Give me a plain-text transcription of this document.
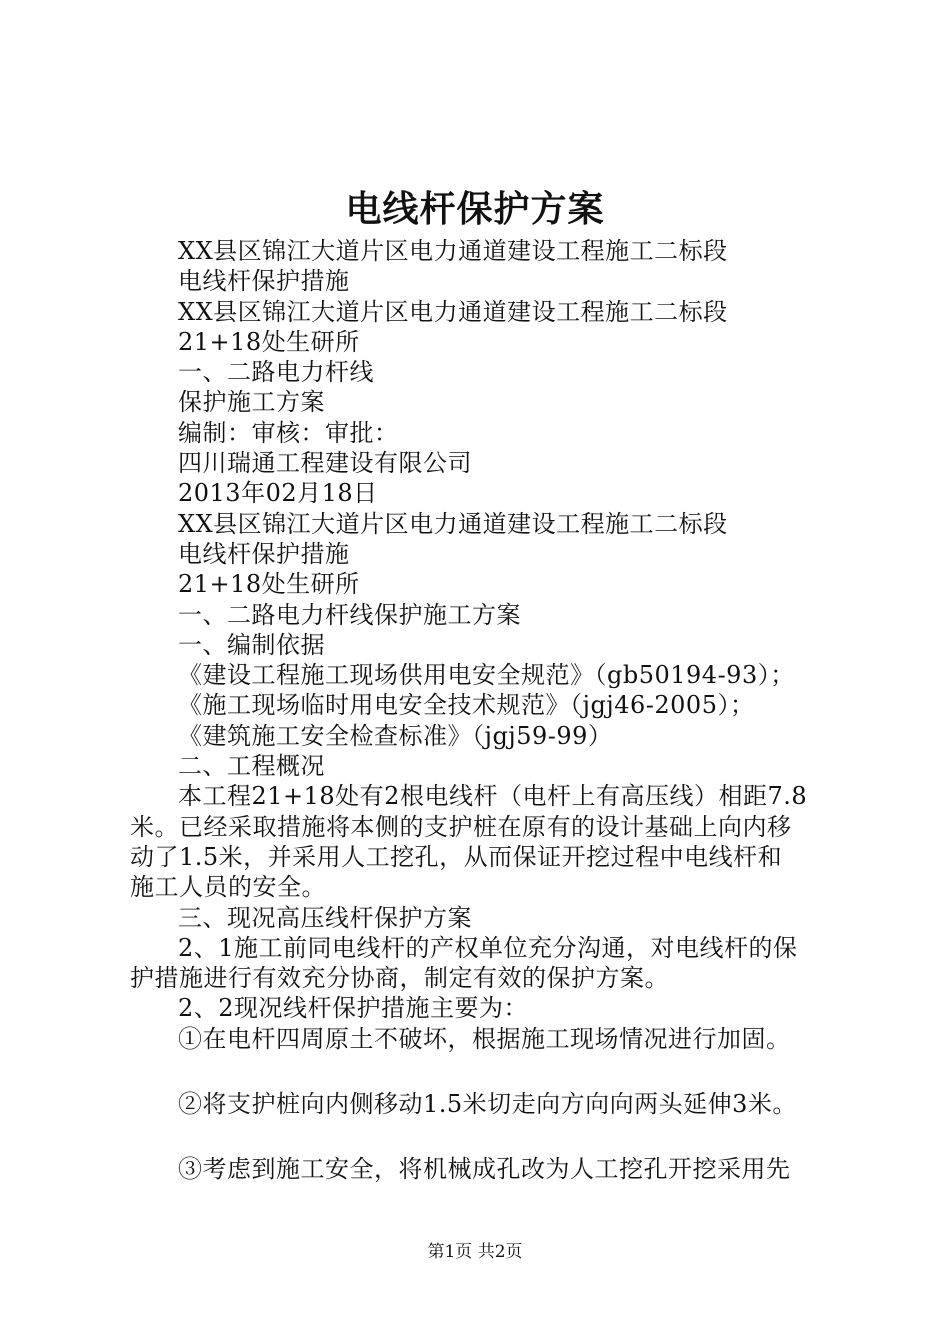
电线杆保护方案
XX县区锦江大道片区电力通道建设工程施工二标段
电线杆保护措施
XX县区锦江大道片区电力通道建设工程施工二标段
21+18处生研所
一、二路电力杆线
保护施工方案
编制：审核：审批：
四川瑞通工程建设有限公司
2013年02月18日
XX县区锦江大道片区电力通道建设工程施工二标段
电线杆保护措施
21+18处生研所
一、二路电力杆线保护施工方案
一、编制依据
《建设工程施工现场供用电安全规范》（gb50194-93）；
《施工现场临时用电安全技术规范》（jgj46-2005）；
《建筑施工安全检查标准》（jgj59-99）
二、工程概况
本工程21+18处有2根电线杆（电杆上有高压线）相距7.8
米。已经采取措施将本侧的支护桩在原有的设计基础上向内移
动了1.5米，并采用人工挖孔，从而保证开挖过程中电线杆和
施工人员的安全。
三、现况高压线杆保护方案
2、1施工前同电线杆的产权单位充分沟通，对电线杆的保
护措施进行有效充分协商，制定有效的保护方案。
2、2现况线杆保护措施主要为：
①在电杆四周原土不破坏，根据施工现场情况进行加固。
②将支护桩向内侧移动1.5米切走向方向向两头延伸3米。
③考虑到施工安全，将机械成孔改为人工挖孔开挖采用先
第1页 共2页
